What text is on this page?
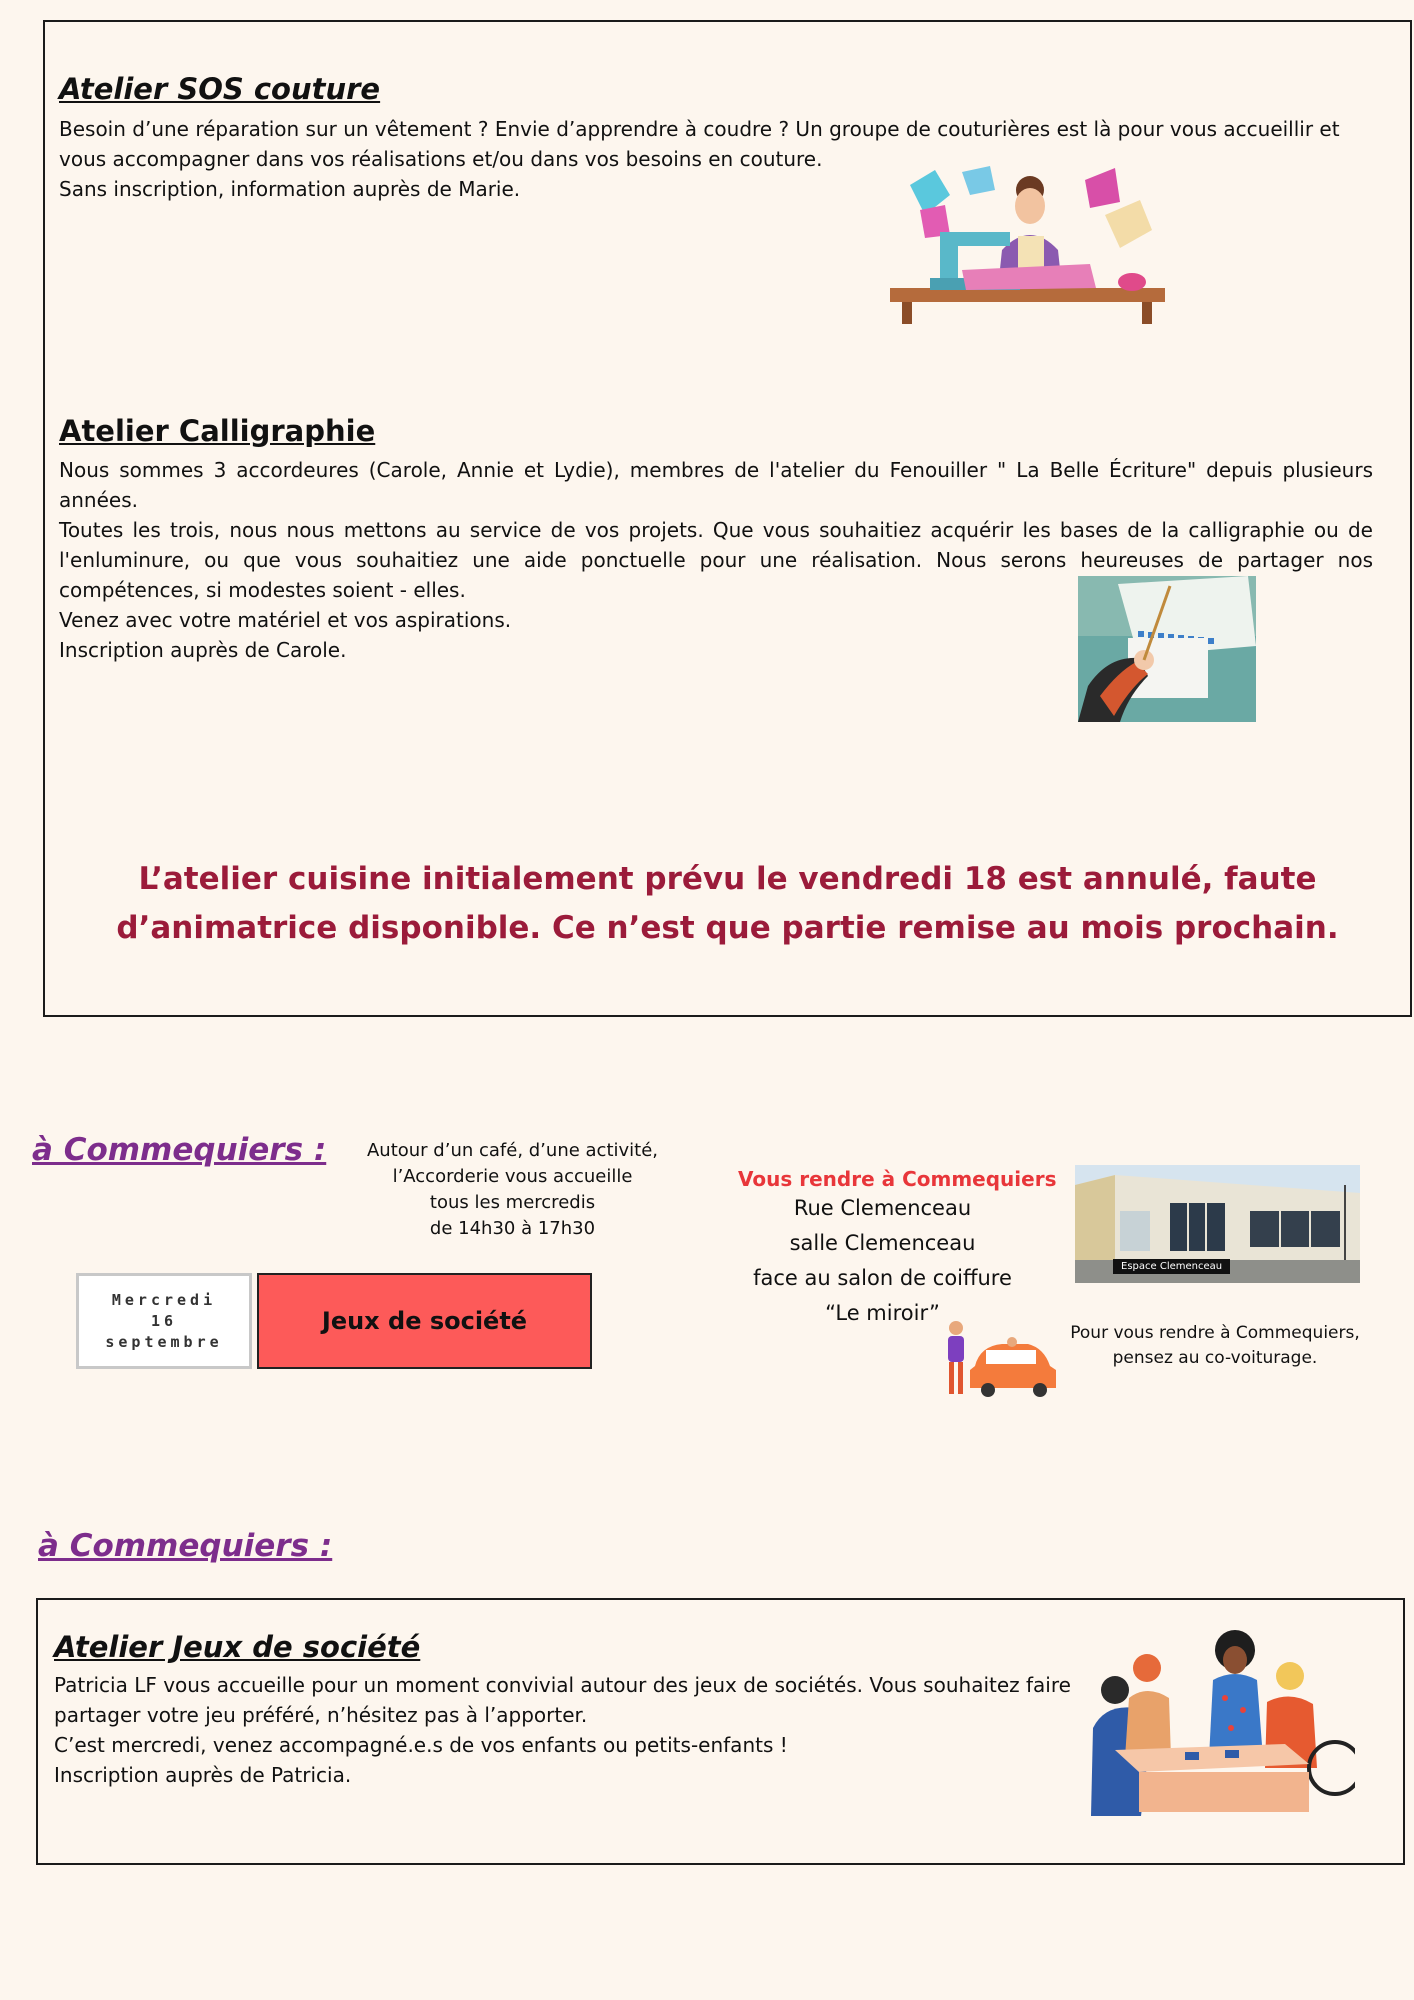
Atelier SOS couture

Besoin d’une réparation sur un vêtement ? Envie d’apprendre à coudre ? Un groupe de couturières est là pour vous accueillir et vous accompagner dans vos réalisations et/ou dans vos besoins en couture.

Sans inscription, information auprès de Marie.

Atelier Calligraphie

Nous sommes 3 accordeures (Carole, Annie et Lydie), membres de l'atelier du Fenouiller " La Belle Écriture" depuis plusieurs années.

Toutes les trois, nous nous mettons au service de vos projets. Que vous souhaitiez acquérir les bases de la calligraphie ou de l'enluminure, ou que vous souhaitiez une aide ponctuelle pour une réalisation. Nous serons heureuses de partager nos compétences, si modestes soient - elles.

Venez avec votre matériel et vos aspirations.

Inscription auprès de Carole.

L’atelier cuisine initialement prévu le vendredi 18 est annulé, faute
d’animatrice disponible. Ce n’est que partie remise au mois prochain.
à Commequiers :	Autour d’un café, d’une activité,
l’Accorderie vous accueille
tous les mercredis
de 14h30 à 17h30
Mercredi
16
septembre
Jeux de société
Vous rendre à Commequiers
Rue Clemenceau
salle Clemenceau
face au salon de coiffure
“Le miroir”
Espace Clemenceau
Pour vous rendre à Commequiers,
pensez au co-voiturage.
à Commequiers :
Atelier Jeux de société

Patricia LF vous accueille pour un moment convivial autour des jeux de sociétés. Vous souhaitez faire partager votre jeu préféré, n’hésitez pas à l’apporter.

C’est mercredi, venez accompagné.e.s de vos enfants ou petits-enfants !

Inscription auprès de Patricia.
